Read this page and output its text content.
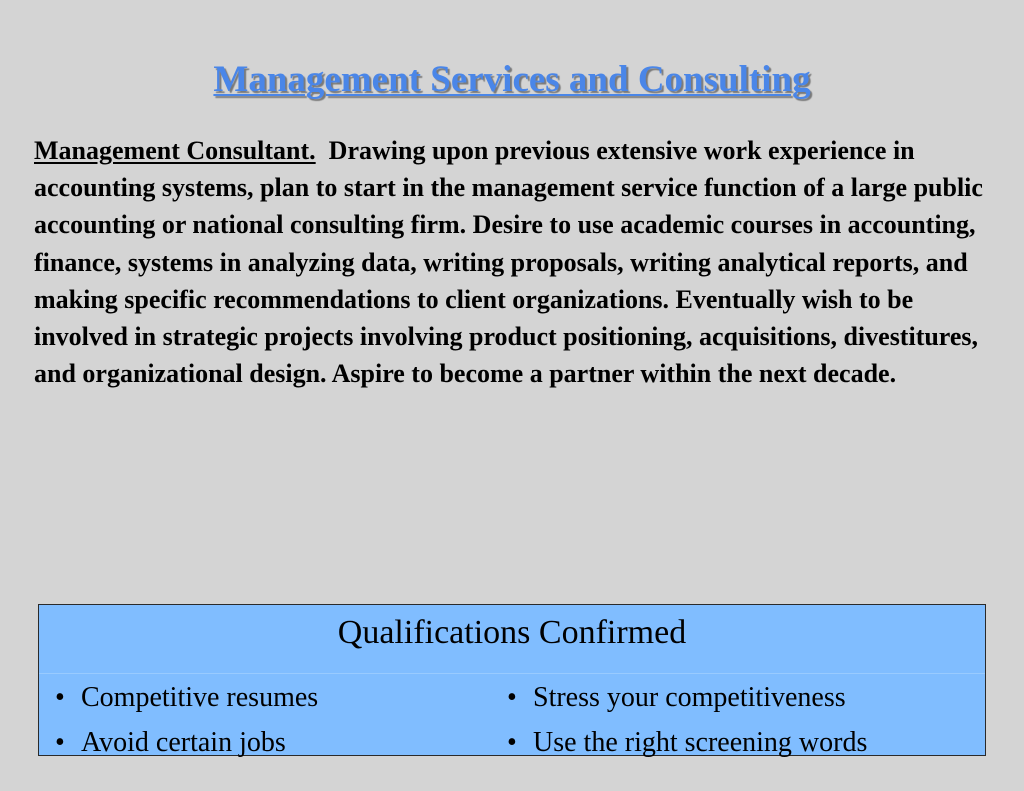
Management Services and Consulting

Management Consultant. Drawing upon previous extensive work experience in accounting systems, plan to start in the management service function of a large public accounting or national consulting firm. Desire to use academic courses in accounting, finance, systems in analyzing data, writing proposals, writing analytical reports, and making specific recommendations to client organizations. Eventually wish to be involved in strategic projects involving product positioning, acquisitions, divestitures, and organizational design. Aspire to become a partner within the next decade.

Qualifications Confirmed
• Competitive resumes
• Avoid certain jobs
• Stress your competitiveness
• Use the right screening words
